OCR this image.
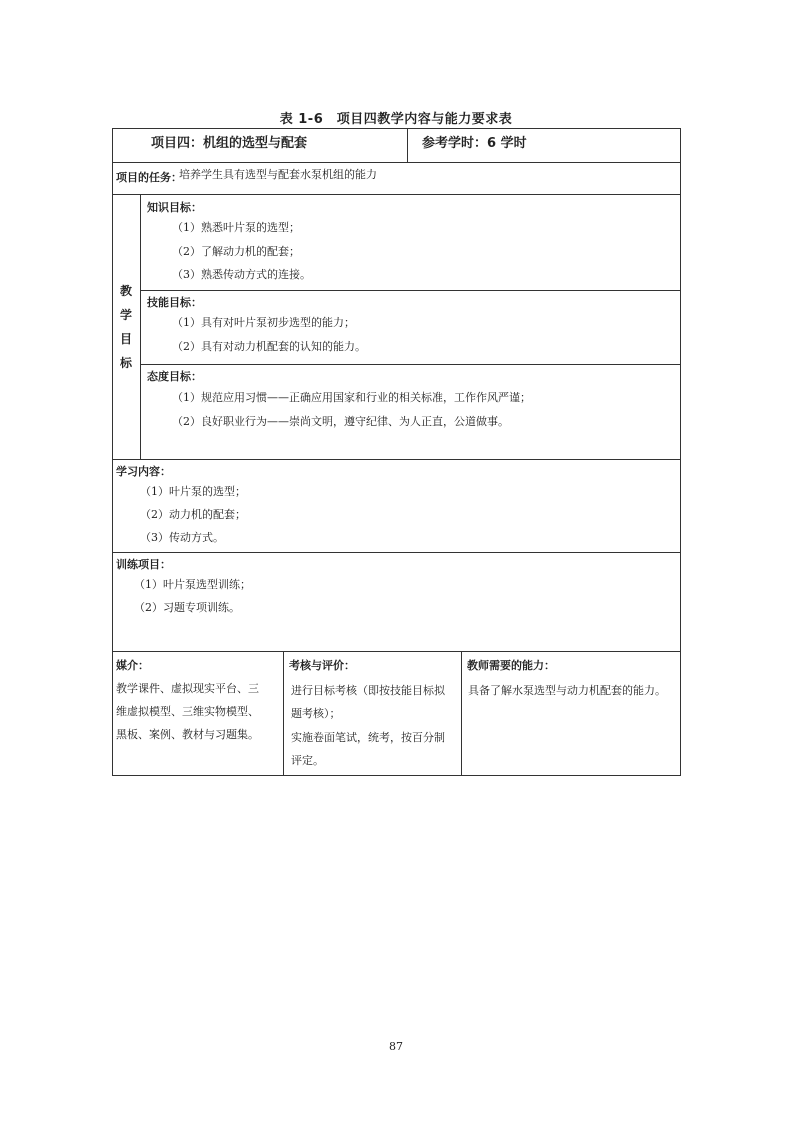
表 1-6　项目四教学内容与能力要求表
项目四：机组的选型与配套	参考学时：6 学时
项目的任务：
培养学生具有选型与配套水泵机组的能力
教
学
目
标
知识目标：
（1）熟悉叶片泵的选型；
（2）了解动力机的配套；
（3）熟悉传动方式的连接。
技能目标：
（1）具有对叶片泵初步选型的能力；
（2）具有对动力机配套的认知的能力。
态度目标：
（1）规范应用习惯——正确应用国家和行业的相关标准，工作作风严谨；
（2）良好职业行为——崇尚文明，遵守纪律、为人正直，公道做事。
学习内容：
（1）叶片泵的选型；
（2）动力机的配套；
（3）传动方式。
训练项目：
（1）叶片泵选型训练；
（2）习题专项训练。
媒介：
教学课件、虚拟现实平台、三
维虚拟模型、三维实物模型、
黑板、案例、教材与习题集。
考核与评价：
进行目标考核（即按技能目标拟
题考核）；
实施卷面笔试，统考，按百分制
评定。
教师需要的能力：
具备了解水泵选型与动力机配套的能力。
87
